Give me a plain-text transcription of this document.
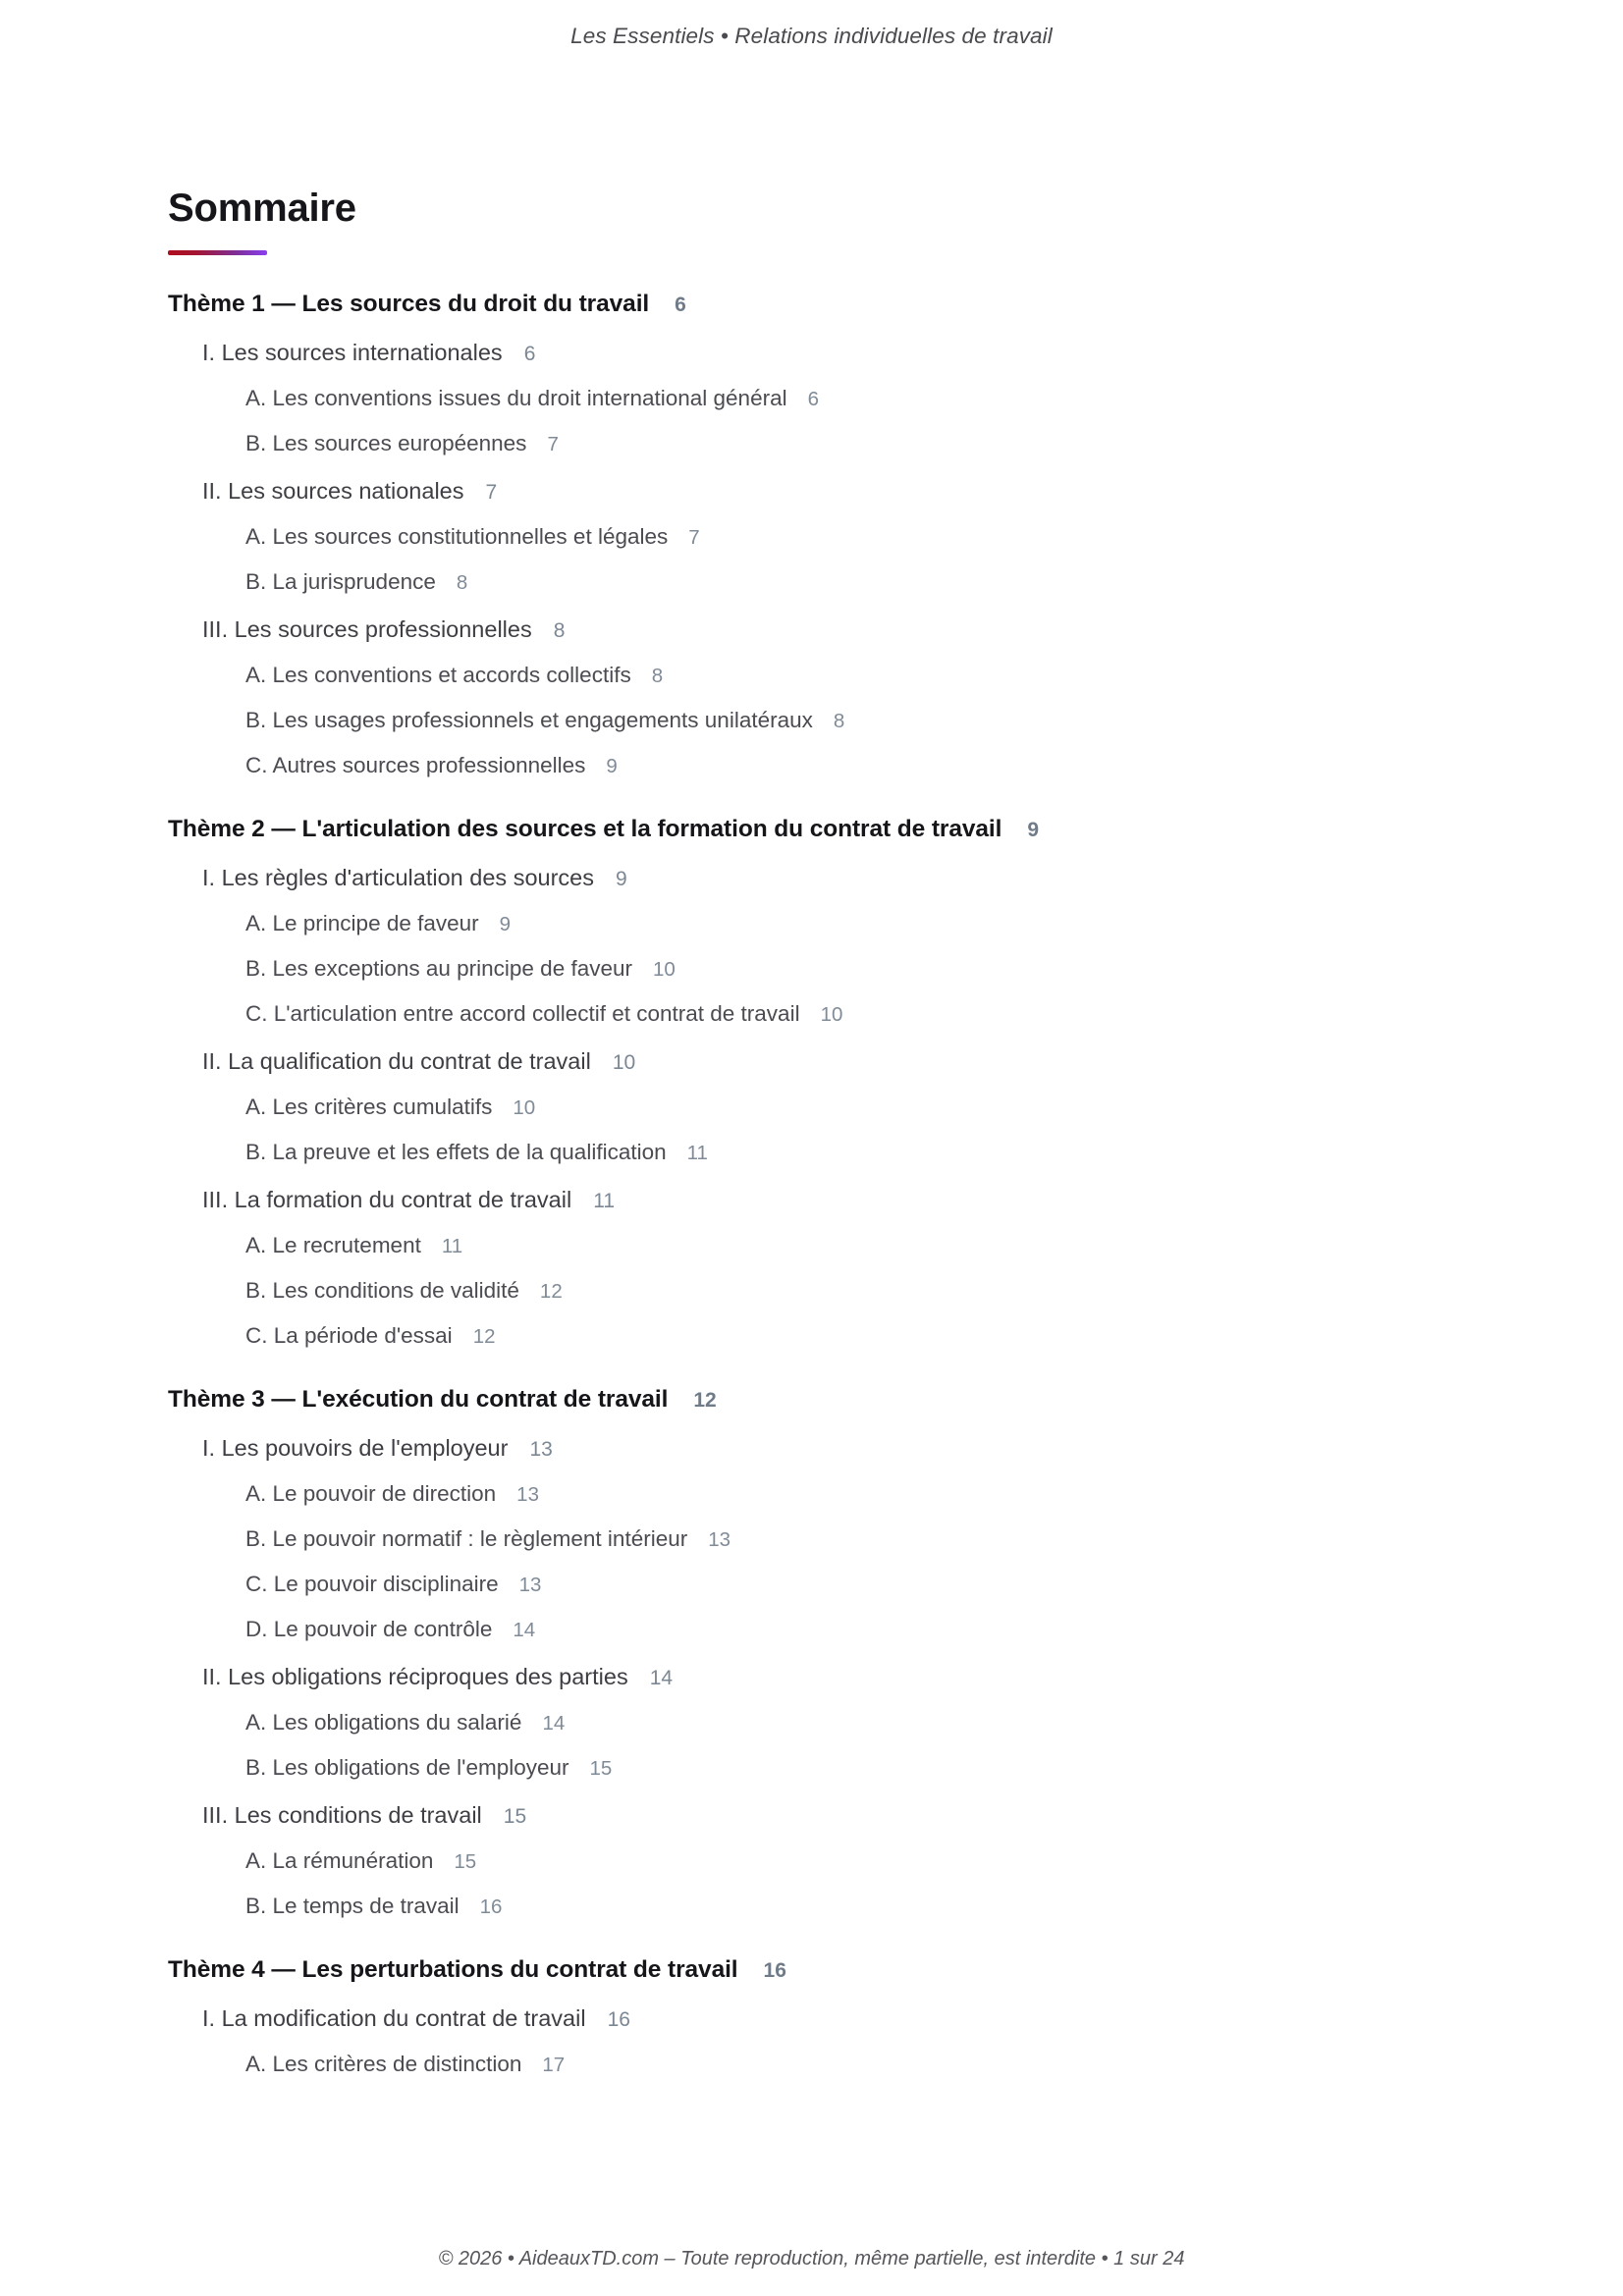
Les Essentiels • Relations individuelles de travail
Sommaire
Thème 1 — Les sources du droit du travail 6
I. Les sources internationales 6
A. Les conventions issues du droit international général 6
B. Les sources européennes 7
II. Les sources nationales 7
A. Les sources constitutionnelles et légales 7
B. La jurisprudence 8
III. Les sources professionnelles 8
A. Les conventions et accords collectifs 8
B. Les usages professionnels et engagements unilatéraux 8
C. Autres sources professionnelles 9
Thème 2 — L'articulation des sources et la formation du contrat de travail 9
I. Les règles d'articulation des sources 9
A. Le principe de faveur 9
B. Les exceptions au principe de faveur 10
C. L'articulation entre accord collectif et contrat de travail 10
II. La qualification du contrat de travail 10
A. Les critères cumulatifs 10
B. La preuve et les effets de la qualification 11
III. La formation du contrat de travail 11
A. Le recrutement 11
B. Les conditions de validité 12
C. La période d'essai 12
Thème 3 — L'exécution du contrat de travail 12
I. Les pouvoirs de l'employeur 13
A. Le pouvoir de direction 13
B. Le pouvoir normatif : le règlement intérieur 13
C. Le pouvoir disciplinaire 13
D. Le pouvoir de contrôle 14
II. Les obligations réciproques des parties 14
A. Les obligations du salarié 14
B. Les obligations de l'employeur 15
III. Les conditions de travail 15
A. La rémunération 15
B. Le temps de travail 16
Thème 4 — Les perturbations du contrat de travail 16
I. La modification du contrat de travail 16
A. Les critères de distinction 17
© 2026 • AideauxTD.com – Toute reproduction, même partielle, est interdite • 1 sur 24
